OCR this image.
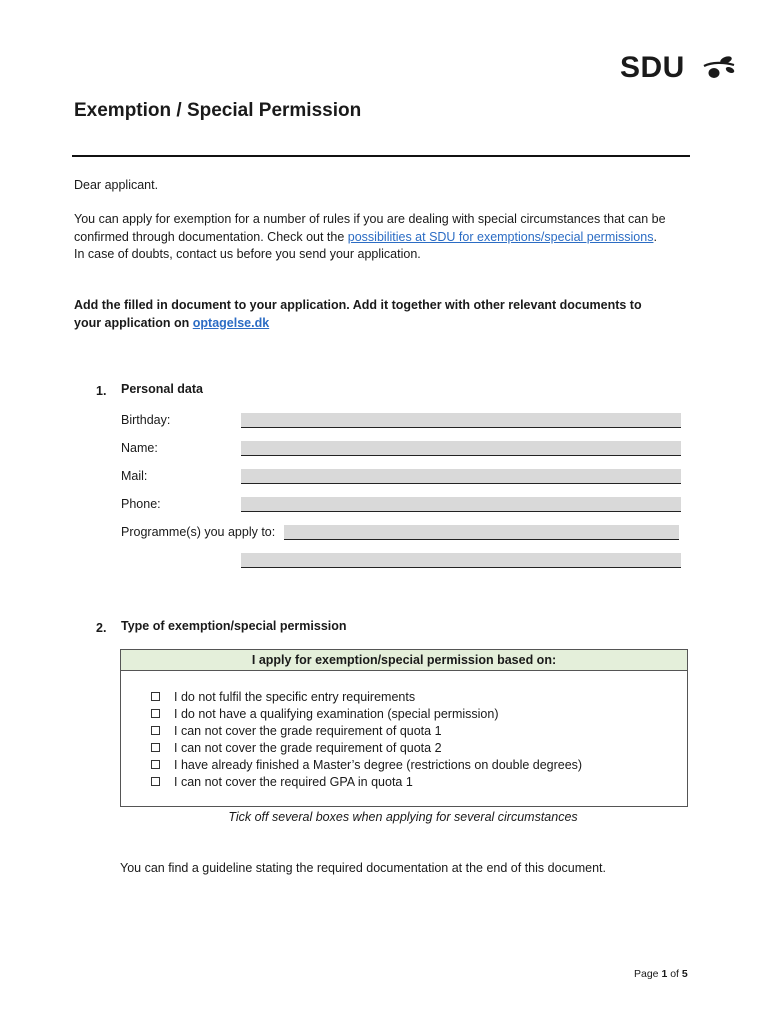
SDU
Exemption / Special Permission

Dear applicant.

You can apply for exemption for a number of rules if you are dealing with special circumstances that can be
confirmed through documentation. Check out the possibilities at SDU for exemptions/special permissions.
In case of doubts, contact us before you send your application.

Add the filled in document to your application. Add it together with other relevant documents to
your application on optagelse.dk

1. Personal data
Birthday:
Name:
Mail:
Phone:
Programme(s) you apply to:
2. Type of exemption/special permission
I apply for exemption/special permission based on:
I do not fulfil the specific entry requirements
I do not have a qualifying examination (special permission)
I can not cover the grade requirement of quota 1
I can not cover the grade requirement of quota 2
I have already finished a Master’s degree (restrictions on double degrees)
I can not cover the required GPA in quota 1
Tick off several boxes when applying for several circumstances

You can find a guideline stating the required documentation at the end of this document.

Page 1 of 5
